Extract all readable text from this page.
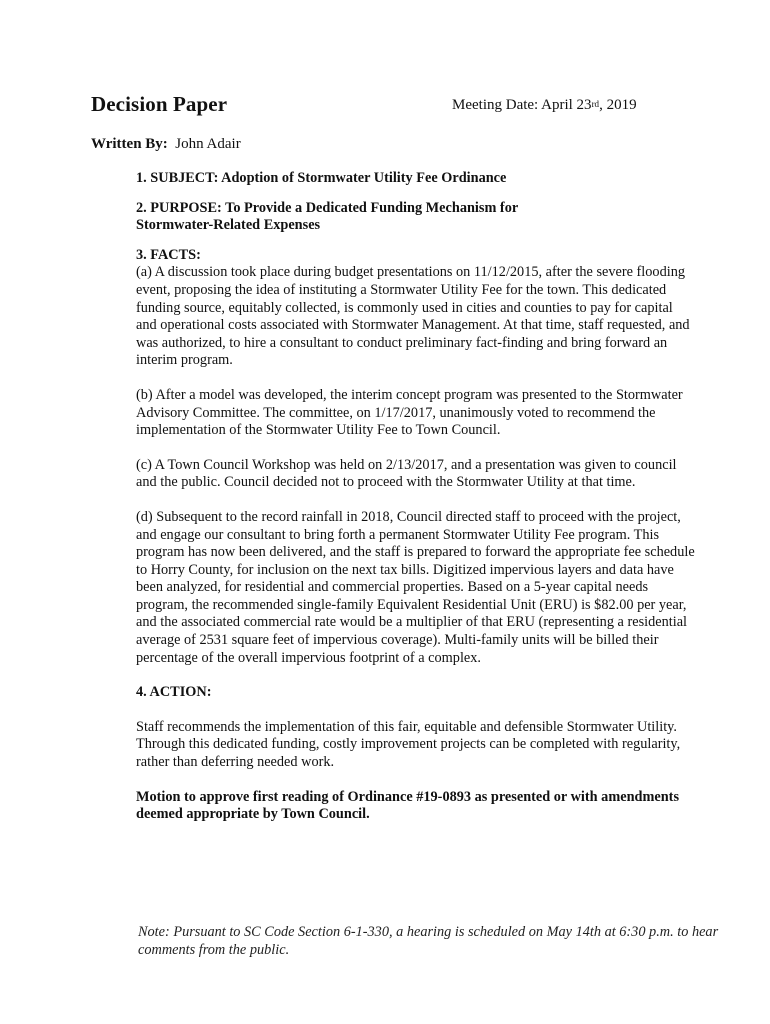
Decision Paper	Meeting Date: April 23rd, 2019
Written By: John Adair

1. SUBJECT: Adoption of Stormwater Utility Fee Ordinance

2. PURPOSE: To Provide a Dedicated Funding Mechanism for

Stormwater-Related Expenses

3. FACTS:

(a) A discussion took place during budget presentations on 11/12/2015, after the severe flooding event, proposing the idea of instituting a Stormwater Utility Fee for the town. This dedicated funding source, equitably collected, is commonly used in cities and counties to pay for capital and operational costs associated with Stormwater Management. At that time, staff requested, and was authorized, to hire a consultant to conduct preliminary fact-finding and bring forward an interim program.

(b) After a model was developed, the interim concept program was presented to the Stormwater Advisory Committee. The committee, on 1/17/2017, unanimously voted to recommend the implementation of the Stormwater Utility Fee to Town Council.

(c) A Town Council Workshop was held on 2/13/2017, and a presentation was given to council and the public. Council decided not to proceed with the Stormwater Utility at that time.

(d) Subsequent to the record rainfall in 2018, Council directed staff to proceed with the project, and engage our consultant to bring forth a permanent Stormwater Utility Fee program. This program has now been delivered, and the staff is prepared to forward the appropriate fee schedule to Horry County, for inclusion on the next tax bills. Digitized impervious layers and data have been analyzed, for residential and commercial properties. Based on a 5-year capital needs program, the recommended single-family Equivalent Residential Unit (ERU) is $82.00 per year, and the associated commercial rate would be a multiplier of that ERU (representing a residential average of 2531 square feet of impervious coverage). Multi-family units will be billed their percentage of the overall impervious footprint of a complex.

4. ACTION:

Staff recommends the implementation of this fair, equitable and defensible Stormwater Utility. Through this dedicated funding, costly improvement projects can be completed with regularity, rather than deferring needed work.

Motion to approve first reading of Ordinance #19-0893 as presented or with amendments deemed appropriate by Town Council.

Note: Pursuant to SC Code Section 6-1-330, a hearing is scheduled on May 14th at 6:30 p.m. to hear comments from the public.
